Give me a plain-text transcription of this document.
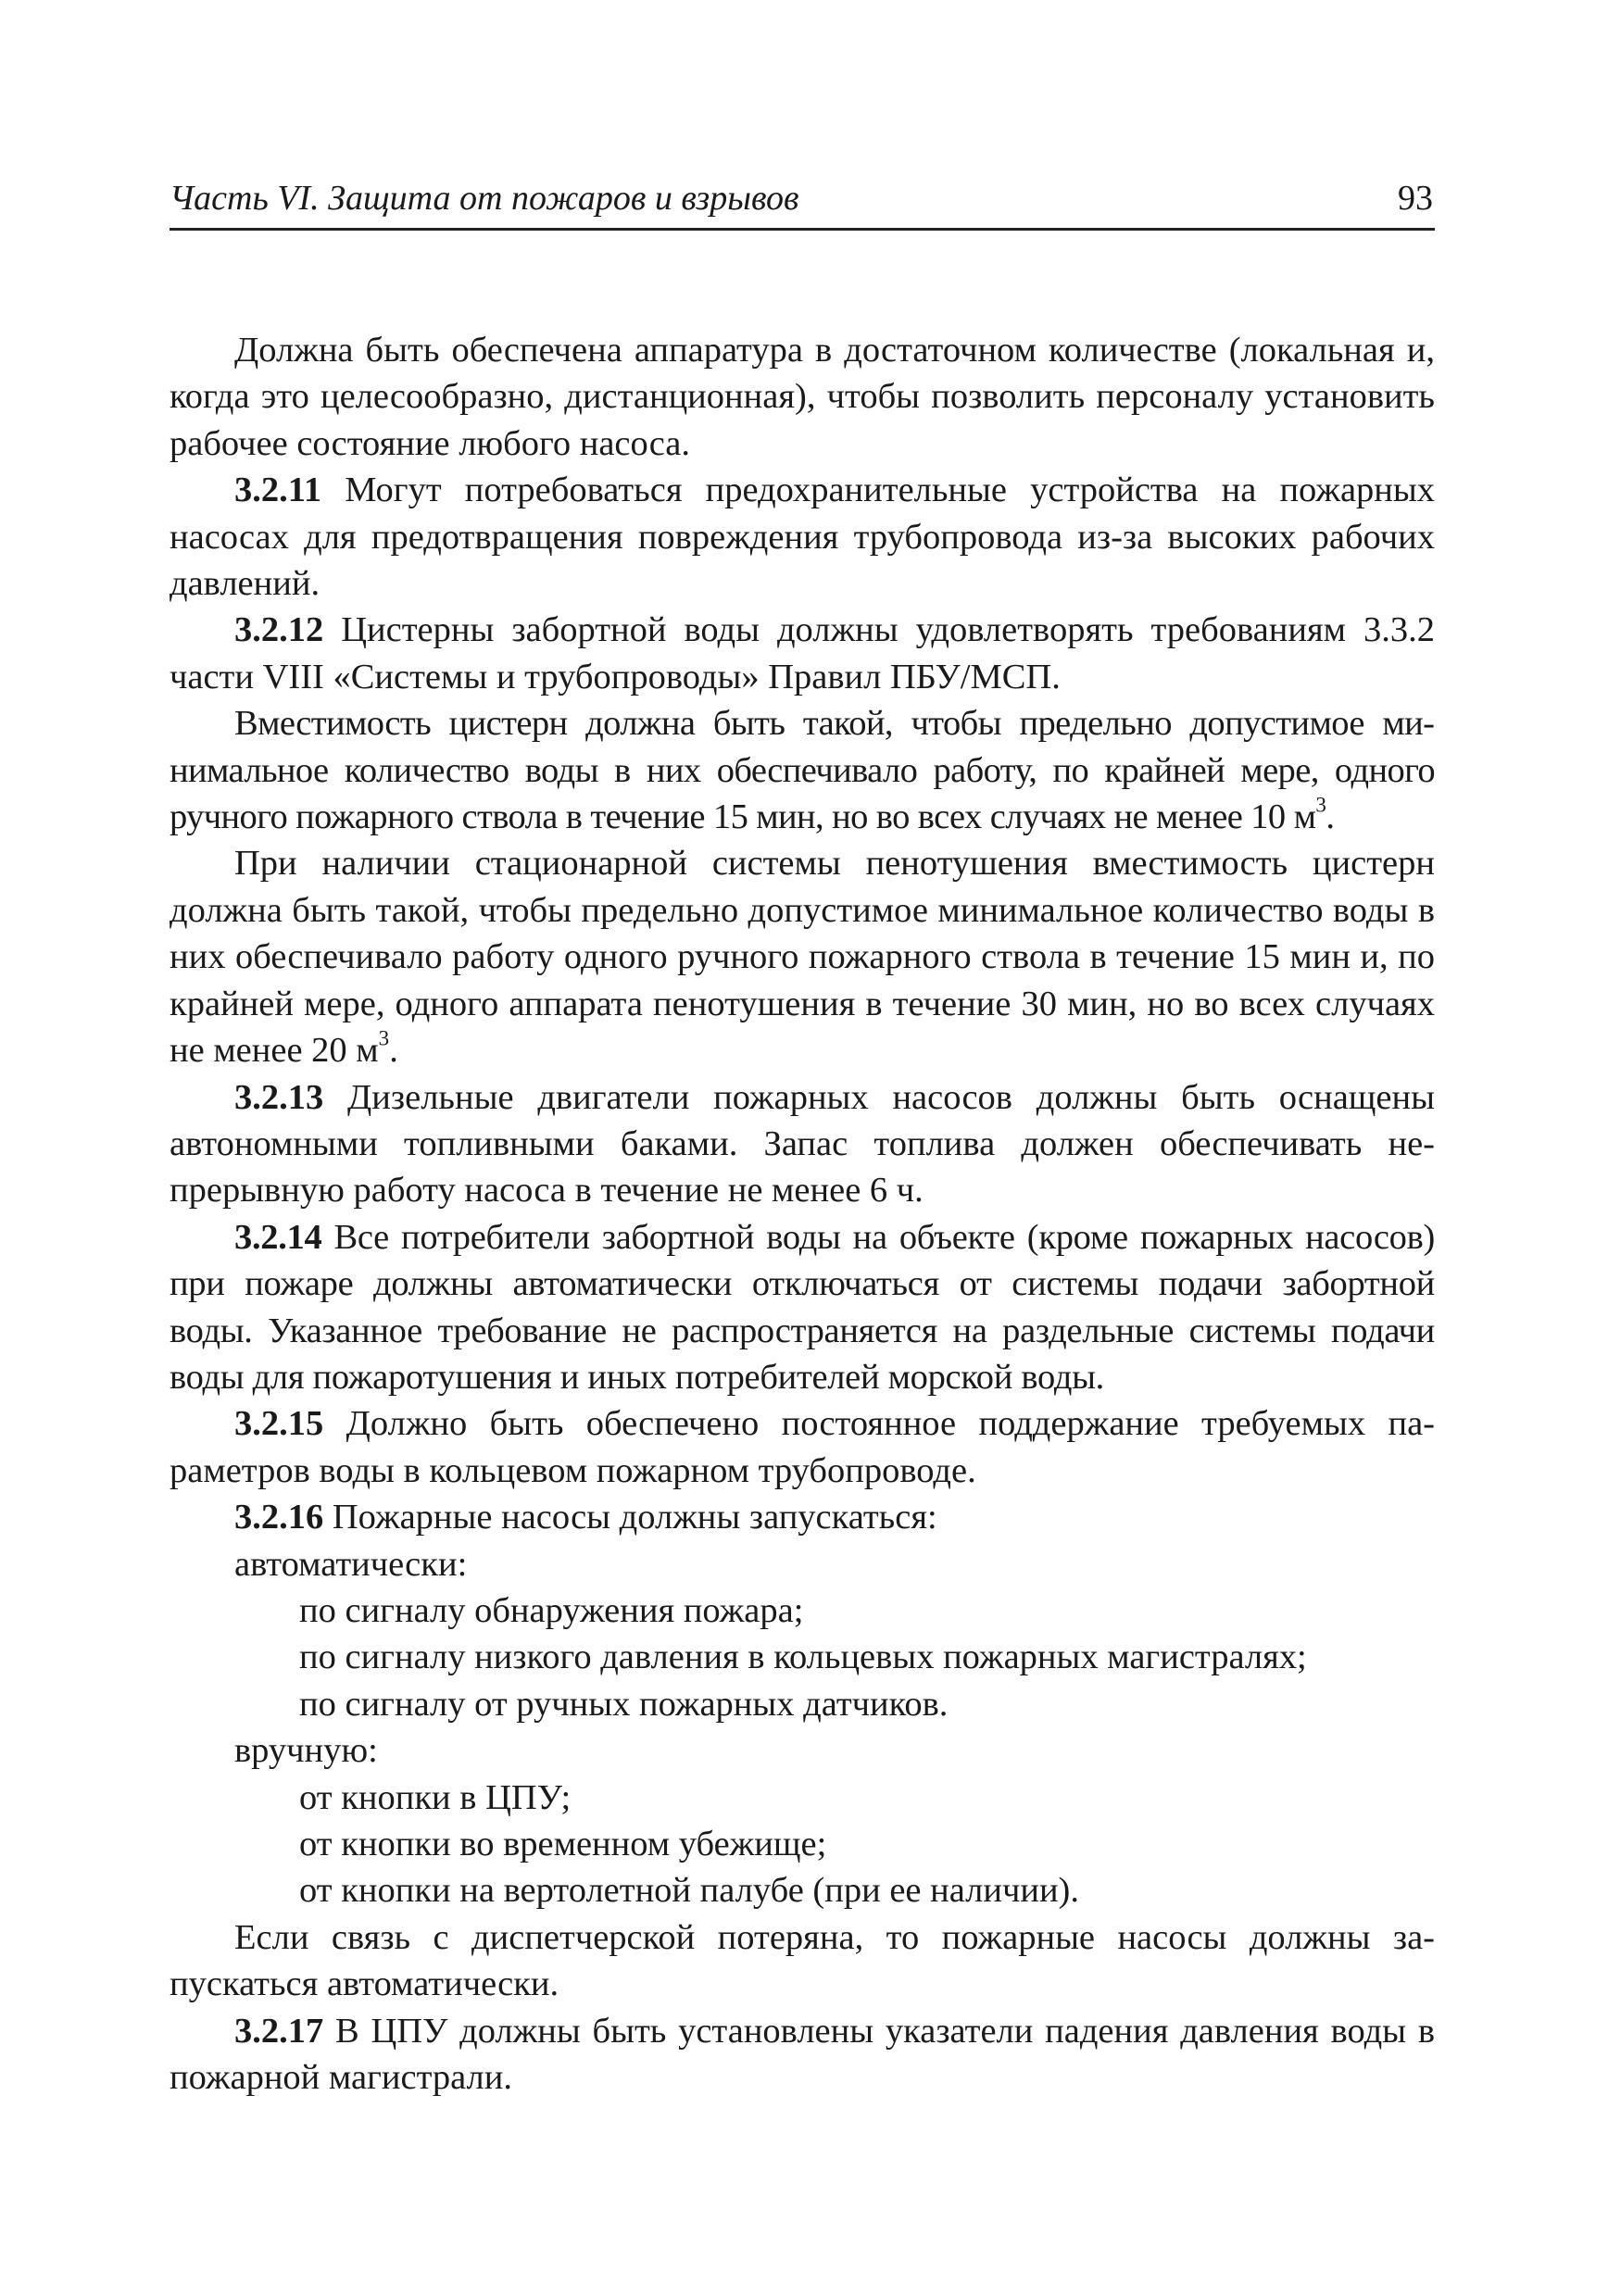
Часть VI. Защита от пожаров и взрывов	93

Должна быть обеспечена аппаратура в достаточном количестве (локальная и, когда это целесообразно, дистанционная), чтобы позволить персоналу установить рабочее состояние любого насоса.

3.2.11 Могут потребоваться предохранительные устройства на пожарных насосах для предотвращения повреждения трубопровода из-за высоких рабочих давлений.

3.2.12 Цистерны забортной воды должны удовлетворять требованиям 3.3.2 части VIII «Системы и трубопроводы» Правил ПБУ/МСП.

Вместимость цистерн должна быть такой, чтобы предельно допустимое минимальное количество воды в них обеспечивало работу, по крайней мере, одного ручного пожарного ствола в течение 15 мин, но во всех случаях не менее 10 $м^3$.

При наличии стационарной системы пенотушения вместимость цистерн должна быть такой, чтобы предельно допустимое минимальное количество воды в них обеспечивало работу одного ручного пожарного ствола в течение 15 мин и, по крайней мере, одного аппарата пенотушения в течение 30 мин, но во всех случаях не менее 20 $м^3$.

3.2.13 Дизельные двигатели пожарных насосов должны быть оснащены автономными топливными баками. Запас топлива должен обеспечивать непрерывную работу насоса в течение не менее 6 ч.

3.2.14 Все потребители забортной воды на объекте (кроме пожарных насосов) при пожаре должны автоматически отключаться от системы подачи забортной воды. Указанное требование не распространяется на раздельные системы подачи воды для пожаротушения и иных потребителей морской воды.

3.2.15 Должно быть обеспечено постоянное поддержание требуемых параметров воды в кольцевом пожарном трубопроводе.

3.2.16 Пожарные насосы должны запускаться:

автоматически:

по сигналу обнаружения пожара;

по сигналу низкого давления в кольцевых пожарных магистралях;

по сигналу от ручных пожарных датчиков.

вручную:

от кнопки в ЦПУ;

от кнопки во временном убежище;

от кнопки на вертолетной палубе (при ее наличии).

Если связь с диспетчерской потеряна, то пожарные насосы должны запускаться автоматически.

3.2.17 В ЦПУ должны быть установлены указатели падения давления воды в пожарной магистрали.
